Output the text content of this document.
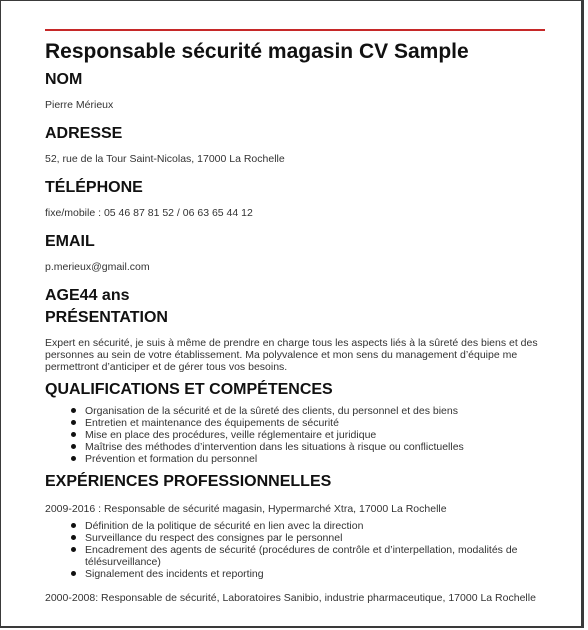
Responsable sécurité magasin CV Sample
NOM

Pierre Mérieux

ADRESSE

52, rue de la Tour Saint-Nicolas, 17000 La Rochelle

TÉLÉPHONE

fixe/mobile : 05 46 87 81 52 / 06 63 65 44 12

EMAIL

p.merieux@gmail.com

AGE44 ans
PRÉSENTATION

Expert en sécurité, je suis à même de prendre en charge tous les aspects liés à la sûreté des biens et des personnes au sein de votre établissement. Ma polyvalence et mon sens du management d’équipe me permettront d’anticiper et de gérer tous vos besoins.

QUALIFICATIONS ET COMPÉTENCES
Organisation de la sécurité et de la sûreté des clients, du personnel et des biens
Entretien et maintenance des équipements de sécurité
Mise en place des procédures, veille réglementaire et juridique
Maîtrise des méthodes d’intervention dans les situations à risque ou conflictuelles
Prévention et formation du personnel
EXPÉRIENCES PROFESSIONNELLES

2009-2016 : Responsable de sécurité magasin, Hypermarché Xtra, 17000 La Rochelle

Définition de la politique de sécurité en lien avec la direction
Surveillance du respect des consignes par le personnel
Encadrement des agents de sécurité (procédures de contrôle et d’interpellation, modalités de télésurveillance)
Signalement des incidents et reporting

2000-2008: Responsable de sécurité, Laboratoires Sanibio, industrie pharmaceutique, 17000 La Rochelle
